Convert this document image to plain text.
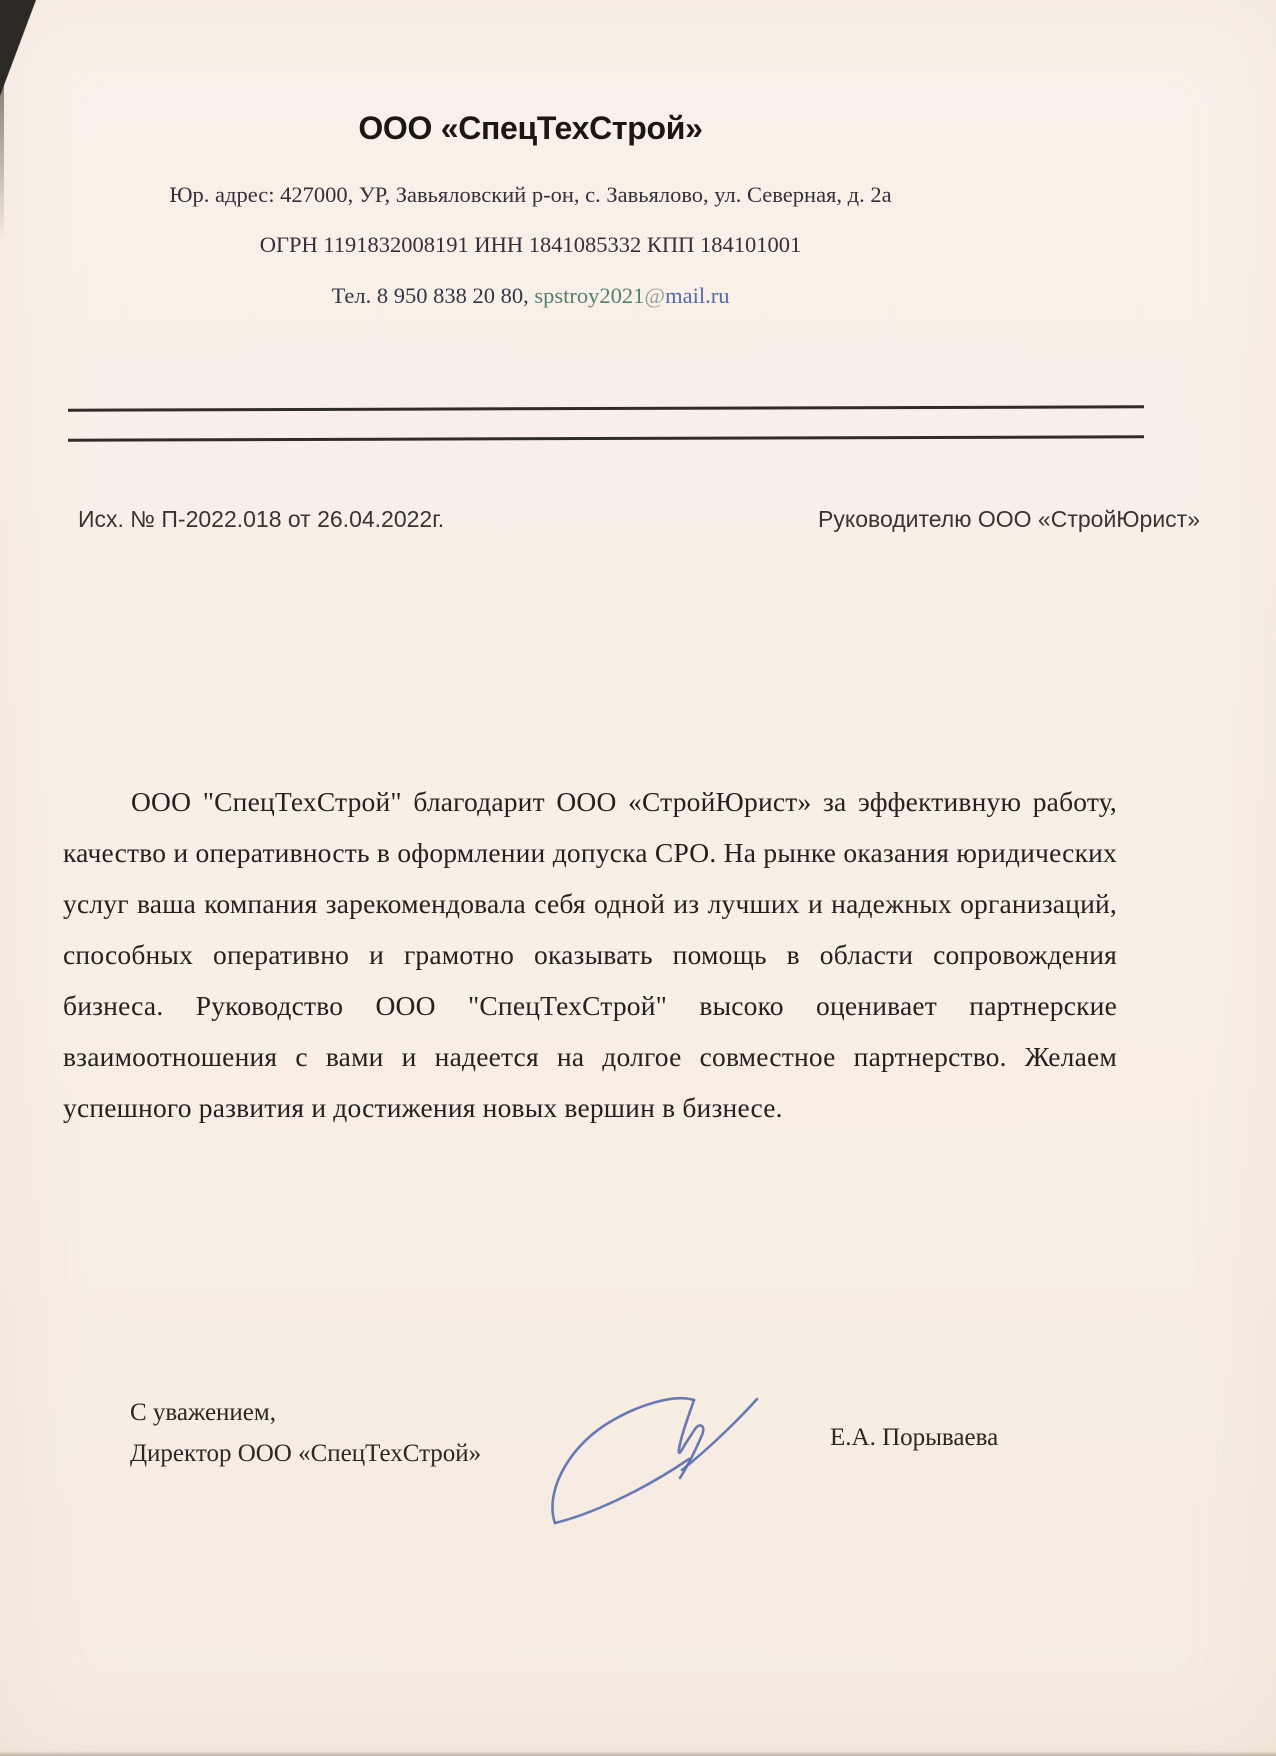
ООО «СпецТехСтрой»
Юр. адрес: 427000, УР, Завьяловский р-он, с. Завьялово, ул. Северная, д. 2а
ОГРН 1191832008191 ИНН 1841085332 КПП 184101001
Тел. 8 950 838 20 80, spstroy2021@mail.ru
Исх. № П-2022.018 от 26.04.2022г.	Руководителю ООО «СтройЮрист»

ООО "СпецТехСтрой" благодарит ООО «СтройЮрист» за эффективную работу, качество и оперативность в оформлении допуска СРО. На рынке оказания юридических услуг ваша компания зарекомендовала себя одной из лучших и надежных организаций, способных оперативно и грамотно оказывать помощь в области сопровождения бизнеса. Руководство ООО "СпецТехСтрой" высоко оценивает партнерские взаимоотношения с вами и надеется на долгое совместное партнерство. Желаем успешного развития и достижения новых вершин в бизнесе.

С уважением,
Директор ООО «СпецТехСтрой»
Е.А. Порываева
